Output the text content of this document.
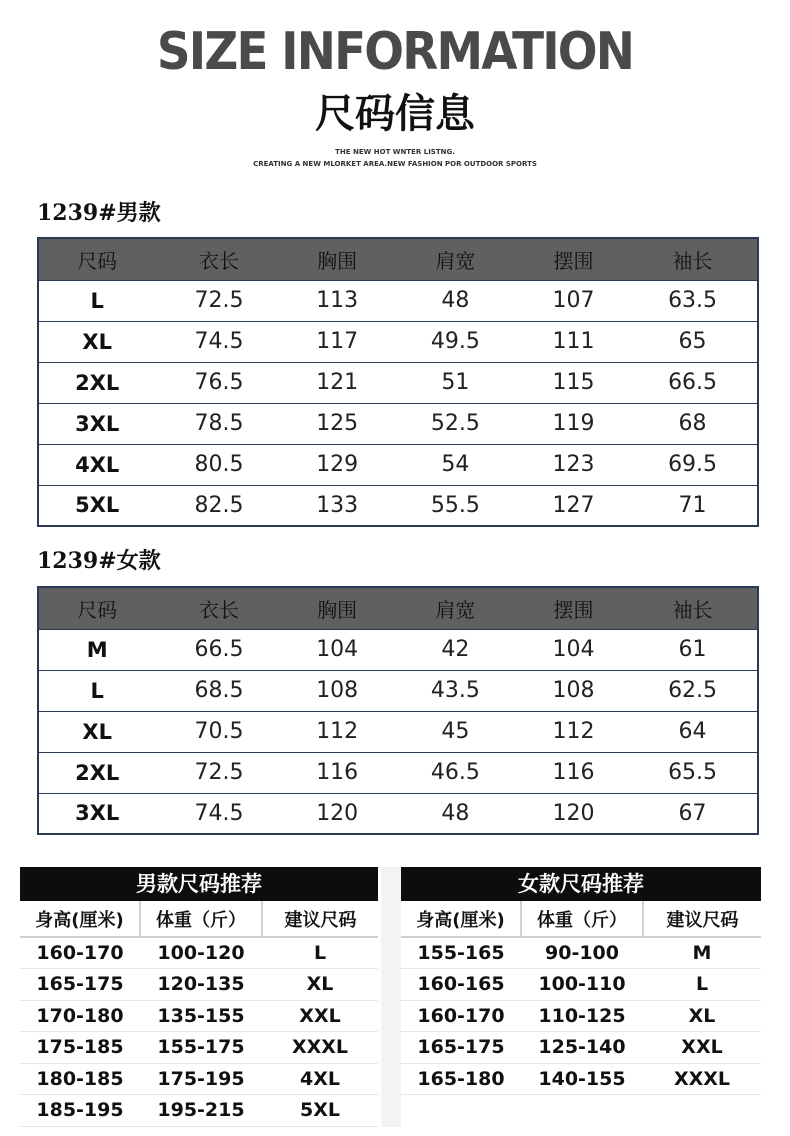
SIZE INFORMATION
尺码信息
THE NEW HOT WNTER LISTNG.
CREATING A NEW MLORKET AREA.NEW FASHION POR OUTDOOR SPORTS
1239#男款
尺码	衣长	胸围	肩宽	摆围	袖长
L	72.5	113	48	107	63.5
XL	74.5	117	49.5	111	65
2XL	76.5	121	51	115	66.5
3XL	78.5	125	52.5	119	68
4XL	80.5	129	54	123	69.5
5XL	82.5	133	55.5	127	71
1239#女款
尺码	衣长	胸围	肩宽	摆围	袖长
M	66.5	104	42	104	61
L	68.5	108	43.5	108	62.5
XL	70.5	112	45	112	64
2XL	72.5	116	46.5	116	65.5
3XL	74.5	120	48	120	67
男款尺码推荐
身高(厘米)	体重（斤）	建议尺码
160-170	100-120	L
165-175	120-135	XL
170-180	135-155	XXL
175-185	155-175	XXXL
180-185	175-195	4XL
185-195	195-215	5XL
女款尺码推荐
身高(厘米)	体重（斤）	建议尺码
155-165	90-100	M
160-165	100-110	L
160-170	110-125	XL
165-175	125-140	XXL
165-180	140-155	XXXL
